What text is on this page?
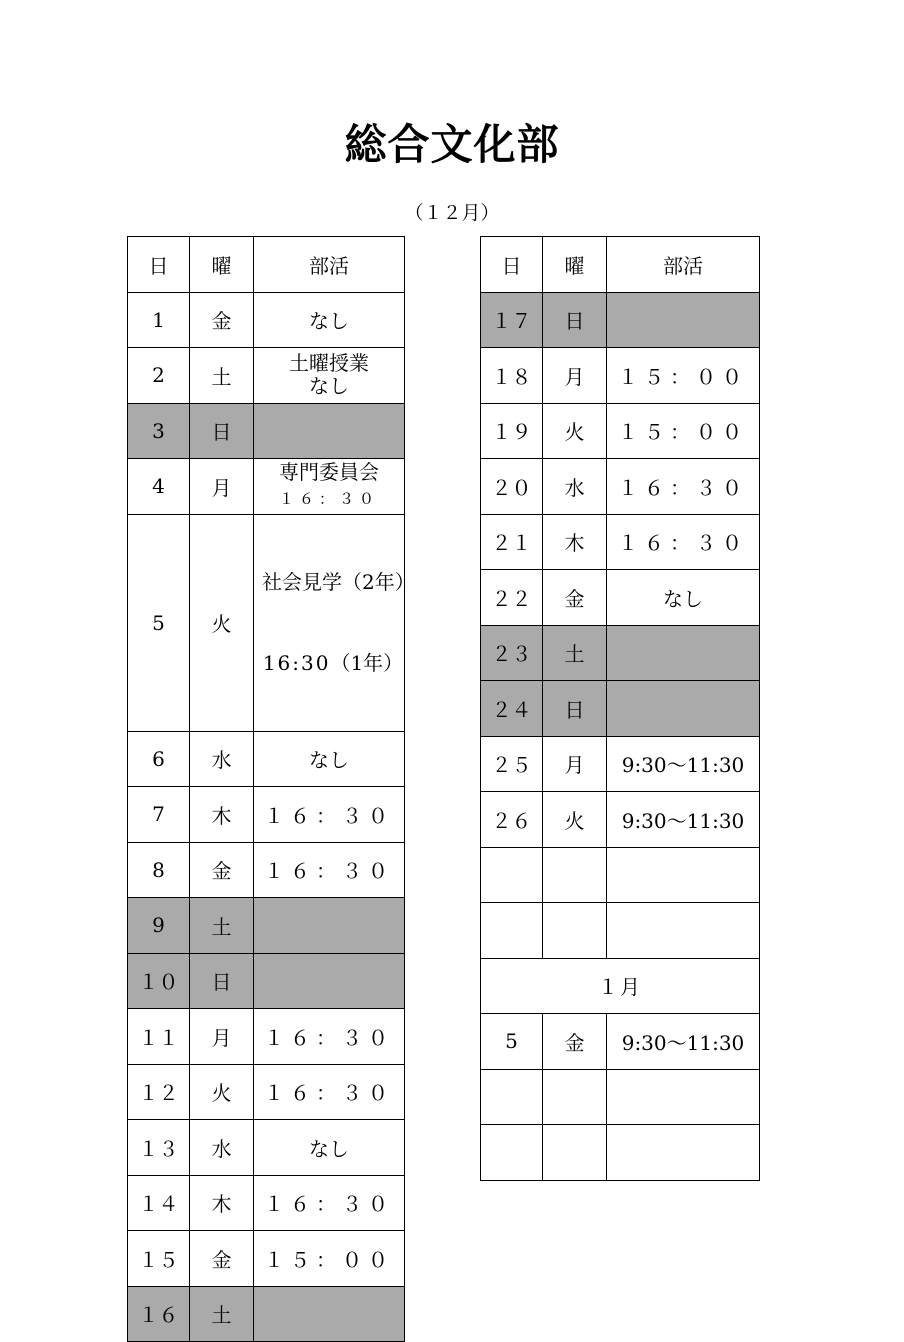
総合文化部

（１２月）

日	曜	部活
1	金	なし
2	土	土曜授業
なし

3	日	
4	月	専門委員会
１６：３０

5	火	社会見学（2年）

16:30（1年）

6	水	なし
7	木	１６：３０
8	金	１６：３０
9	土	
１０	日	
１１	月	１６：３０
１２	火	１６：３０
１３	水	なし
１４	木	１６：３０
１５	金	１５：００
１６	土	
日	曜	部活
１７	日	
１８	月	１５：００
１９	火	１５：００
２０	水	１６：３０
２１	木	１６：３０
２２	金	なし
２３	土	
２４	日	
２５	月	9:30～11:30
２６	火	9:30～11:30

１月		
5	金	9:30～11:30
